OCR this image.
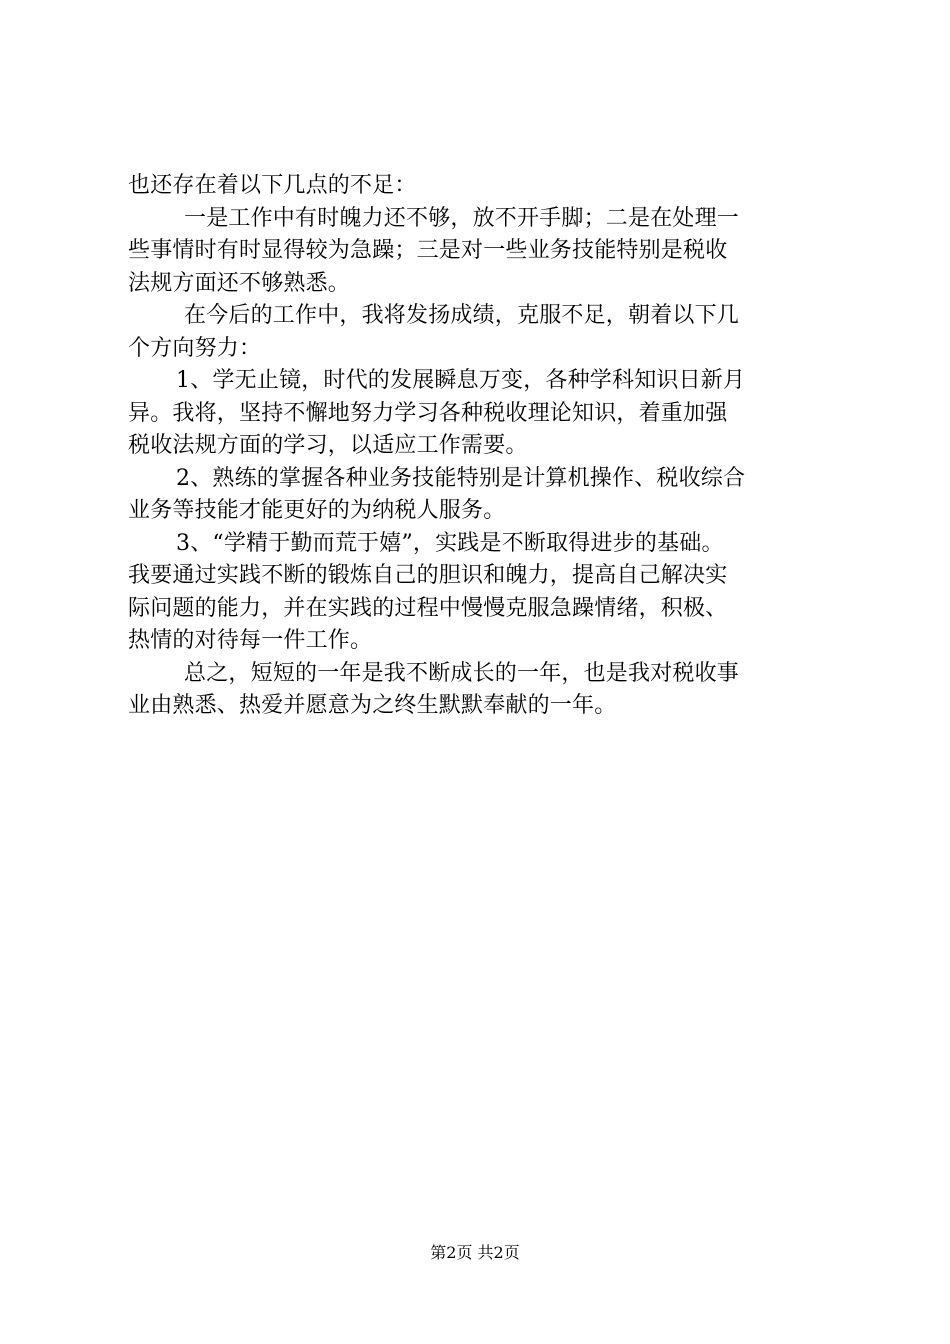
也还存在着以下几点的不足：
一是工作中有时魄力还不够，放不开手脚；二是在处理一
些事情时有时显得较为急躁；三是对一些业务技能特别是税收
法规方面还不够熟悉。
在今后的工作中，我将发扬成绩，克服不足，朝着以下几
个方向努力：
1、学无止镜，时代的发展瞬息万变，各种学科知识日新月
异。我将，坚持不懈地努力学习各种税收理论知识，着重加强
税收法规方面的学习，以适应工作需要。
2、熟练的掌握各种业务技能特别是计算机操作、税收综合
业务等技能才能更好的为纳税人服务。
3、“学精于勤而荒于嬉”，实践是不断取得进步的基础。
我要通过实践不断的锻炼自己的胆识和魄力，提高自己解决实
际问题的能力，并在实践的过程中慢慢克服急躁情绪，积极、
热情的对待每一件工作。
总之，短短的一年是我不断成长的一年，也是我对税收事
业由熟悉、热爱并愿意为之终生默默奉献的一年。
第2页 共2页
